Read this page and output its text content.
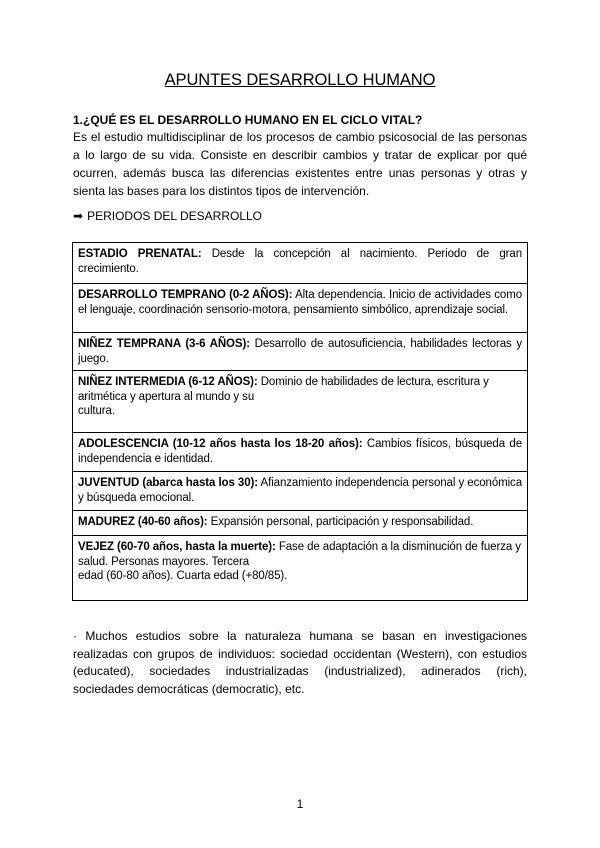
APUNTES DESARROLLO HUMANO
1.¿QUÉ ES EL DESARROLLO HUMANO EN EL CICLO VITAL?
Es el estudio multidisciplinar de los procesos de cambio psicosocial de las personas a lo largo de su vida. Consiste en describir cambios y tratar de explicar por qué ocurren, además busca las diferencias existentes entre unas personas y otras y sienta las bases para los distintos tipos de intervención.
➡ PERIODOS DEL DESARROLLO
ESTADIO PRENATAL: Desde la concepción al nacimiento. Periodo de gran crecimiento.
DESARROLLO TEMPRANO (0-2 AÑOS): Alta dependencia. Inicio de actividades como el lenguaje, coordinación sensorio-motora, pensamiento simbólico, aprendizaje social.
NIÑEZ TEMPRANA (3-6 AÑOS): Desarrollo de autosuficiencia, habilidades lectoras y juego.
NIÑEZ INTERMEDIA (6-12 AÑOS): Dominio de habilidades de lectura, escritura y aritmética y apertura al mundo y su
cultura.
ADOLESCENCIA (10-12 años hasta los 18-20 años): Cambios físicos, búsqueda de independencia e identidad.
JUVENTUD (abarca hasta los 30): Afianzamiento independencia personal y económica y búsqueda emocional.
MADUREZ (40-60 años): Expansión personal, participación y responsabilidad.
VEJEZ (60-70 años, hasta la muerte): Fase de adaptación a la disminución de fuerza y salud. Personas mayores. Tercera
edad (60-80 años). Cuarta edad (+80/85).
· Muchos estudios sobre la naturaleza humana se basan en investigaciones realizadas con grupos de individuos: sociedad occidentan (Western), con estudios (educated), sociedades industrializadas (industrialized), adinerados (rich), sociedades democráticas (democratic), etc.
1
